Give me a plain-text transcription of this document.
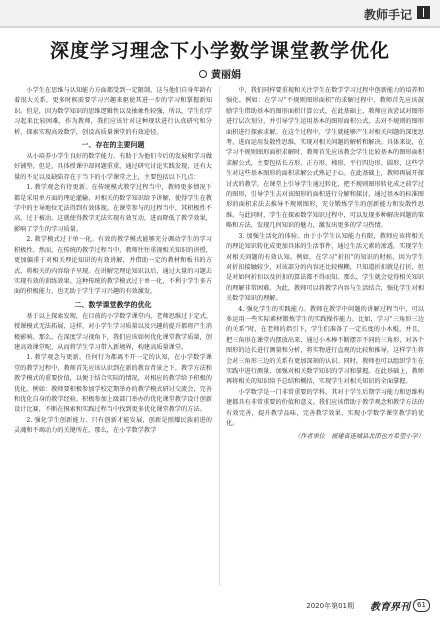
教师手记	ǀ
深度学习理念下小学数学课堂教学优化
黄丽娟

小学生在思维与认知能力方面都受到一定限制，这与他们自身年龄有着很大关系。更多时候需要学习兴趣来驱使其进一步的学习和掌握新知识。但是，因为数学知识的思维逻辑性以及抽象性较强，所以，学生们学习起来比较困难，作为教师，我们应该针对这种现状进行认真研究和分析，探索实现高效数学，创设高质量课堂的有效途径。

一、存在的主要问题

从小培养小学生良好的数学能力，有助于为他们今后的发展和学习做好铺垫。但是，具体授课中却问题重重，通过研究讨论实践发现，还有大量的不足以及缺陷存在于当下的小学课堂之上，主要包括以下几点：

1. 教学观念有待更新。在传统模式教学过程当中，教师更多情况下都是采用单方面的理论灌输，对相关的数学知识给予讲解，使得学生在教学中的主导地位无法得到有效体现。在课堂参与的过程当中，其积极性不高，过于被动。这就使得教学无法实现有效互动，进而降低了教学效果，影响了学生的学习质量。

2. 教学模式过于单一化。有效的教学模式能够充分调动学生的学习积极性。然而，在传统的教学过程当中，教师往往重视相关知识的讲授，更加偏重于对相关理论知识的有效讲解，并借助一定的教材和板书的方式，将相关的内容给予呈现。在讲解完理论知识以后，通过大量的习题去实现有效的训练效果。这种传统的教学模式过于单一化，不利于学生多方面的积极能力，也无助于学生学习兴趣的有效激发。

二、数学课堂教学的优化

基于以上探索发现，在目前的小学数学课堂内，老师思维过于定式，授课模式无法拓展，这样，对小学生学习质量以及兴趣的提升都将产生消极影响。那么，在深度学习视角下，我们应该如何优化课堂教学质量，创建高效课堂呢，从而将学生学习带入新境界，构建高质量课堂。

1. 教学观念与更新。任何行为都离不开一定的认知，在小学数学课堂的教学过程中，教师首先应该认识到在新的教育背景之下，教学方法和教学模式的重要价值，以便于结合实际的情况，对相应的教学给予积极的优化。例如：教师要积极参加学校定期举办的教学模式研讨交流会，完善和优化自身的教学经验。积极参加上级部门举办的优化课堂教学设计创新设计比赛，不断在摸索和实践过程当中找到更多优化课堂教学的方法。

2. 强化学生创新能力。只有创新才能发展，创新是照耀民族前进的灵魂和不竭动力的关键所在，那么，在小学数学教学

中，我们同样要重视和关注学生在数学学习过程中创新能力的培养和强化。例如：在学习“不规则图形面积”的求解过程中，教师首先应该鼓励学生借助基本的图形面积计算公式，在此基础上，教师应该尝试对图形进行层次划分，并引导学生运用基本的图形面积公式，去对不规则的图形面积进行探索求解。在这个过程中，学生就能够产生对相关问题的深度思考，进而运用发散性思维，实现对相关问题的解析和解决。具体来说，在学习不规则图形面积求解时，教师首先应该教会学生比较基本的图形面积求解公式，主要包括长方形、正方形、梯形、平行四边形、圆形、这些学生对这些基本图形的面积求解公式熟记于心。在此基础上，教师再展开探讨式的教学，在课堂上引导学生通过转化，把不规则图形转化成之前学过的图形，引导学生去对该图形的面积进行分解和探讨，通过基本的标准图形的面积求法去推导不规则图形，充分锻炼学生的创新能力和发散性思维。与此同时，学生在探索数学知识过程中，可以发现多种解决问题的策略和方法，发现几何知识的魅力，激发出更多的学习热情。

3. 加强生活化的体验。由于小学生认知能力有限，教师应该将相关的理论知识转化成更加具体的生活事件，通过生活元素的渗透，实现学生对相关问题的有效认知。例如，在学习“折扣”的知识的时候，因为学生对折扣接触较少，对该部分的内容还比较模糊，只知道折扣就是打折，但是对如何折扣以及折扣的算法都不得而知。那么，学生就会觉得相关知识的理解非常困难。为此，教师可以将教学内容与生活结合，强化学生对相关数学知识的理解。

4. 强化学生的实践能力。教师在教学中问题的讲解过程当中，可以多运用一些实际素材锻炼学生的实践操作能力。比如，学习“三角形三边的关系”时，在老师的指引下，学生们准备了一定长度的小木棍，并且，把三角形在课堂内摆放出来，通过小木棒不断摆弄不同的三角形，对各个图形的边长进行测量和分析，将实物进行直观的比较和推导，这样学生将会对三角形三边的关系有更加深刻的认识。同时，教师也可以组织学生在实践中进行测量，加强对相关数学知识的学习和掌握。在此基础上，教师再将相关的知识给予总结和概括，实现学生对相关知识的全面掌握。

小学数学是一门非常重要的学科，其对于学生后期学习能力和思维构建都具有非常重要的价值和意义。我们应该借助于教学观念和教学方法的有效完善，提升教学品味，完善教学效果，实现小学数学课堂教学的优化。

（作者单位　福建省连城县北团也方希望小学）

2020年第01期 教育界刊	61
